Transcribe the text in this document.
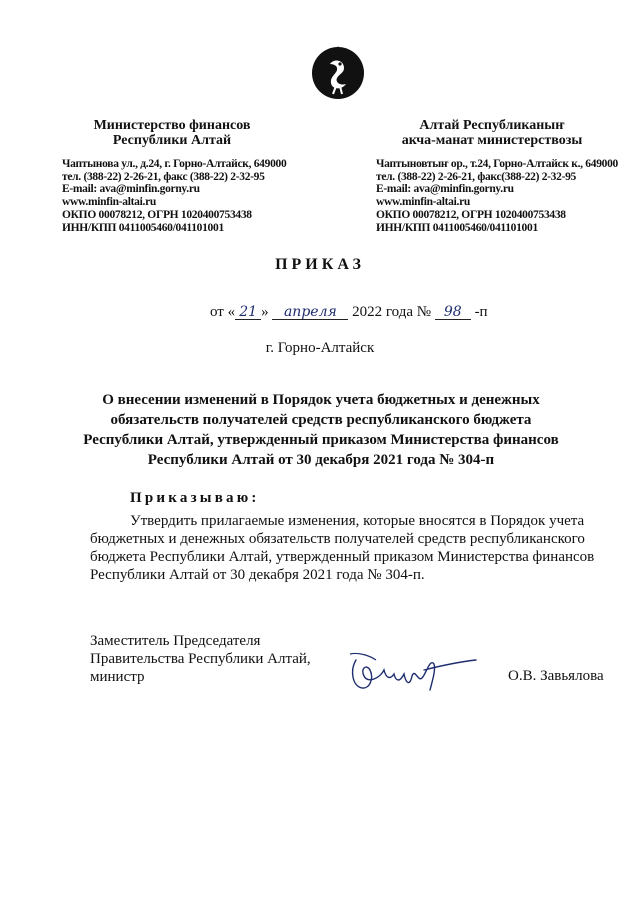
Министерство финансов
Республики Алтай
Чаптынова ул., д.24, г. Горно-Алтайск, 649000
тел. (388-22) 2-26-21, факс (388-22) 2-32-95
E-mail: ava@minfin.gorny.ru
www.minfin-altai.ru
ОКПО 00078212, ОГРН 1020400753438
ИНН/КПП 0411005460/041101001
Алтай Республиканыҥ
акча-манат министерствозы
Чаптыновтыҥ ор., т.24, Горно-Алтайск к., 649000
тел. (388-22) 2-26-21, факс(388-22) 2-32-95
E-mail: ava@minfin.gorny.ru
www.minfin-altai.ru
ОКПО 00078212, ОГРН 1020400753438
ИНН/КПП 0411005460/041101001
ПРИКАЗ
от « 21 » апреля 2022 года № 98 -п
г. Горно-Алтайск
О внесении изменений в Порядок учета бюджетных и денежных
обязательств получателей средств республиканского бюджета
Республики Алтай, утвержденный приказом Министерства финансов
Республики Алтай от 30 декабря 2021 года № 304-п
Приказываю:
Утвердить прилагаемые изменения, которые вносятся в Порядок учета
бюджетных и денежных обязательств получателей средств республиканского
бюджета Республики Алтай, утвержденный приказом Министерства финансов
Республики Алтай от 30 декабря 2021 года № 304-п.
Заместитель Председателя
Правительства Республики Алтай,
министр	О.В. Завьялова
